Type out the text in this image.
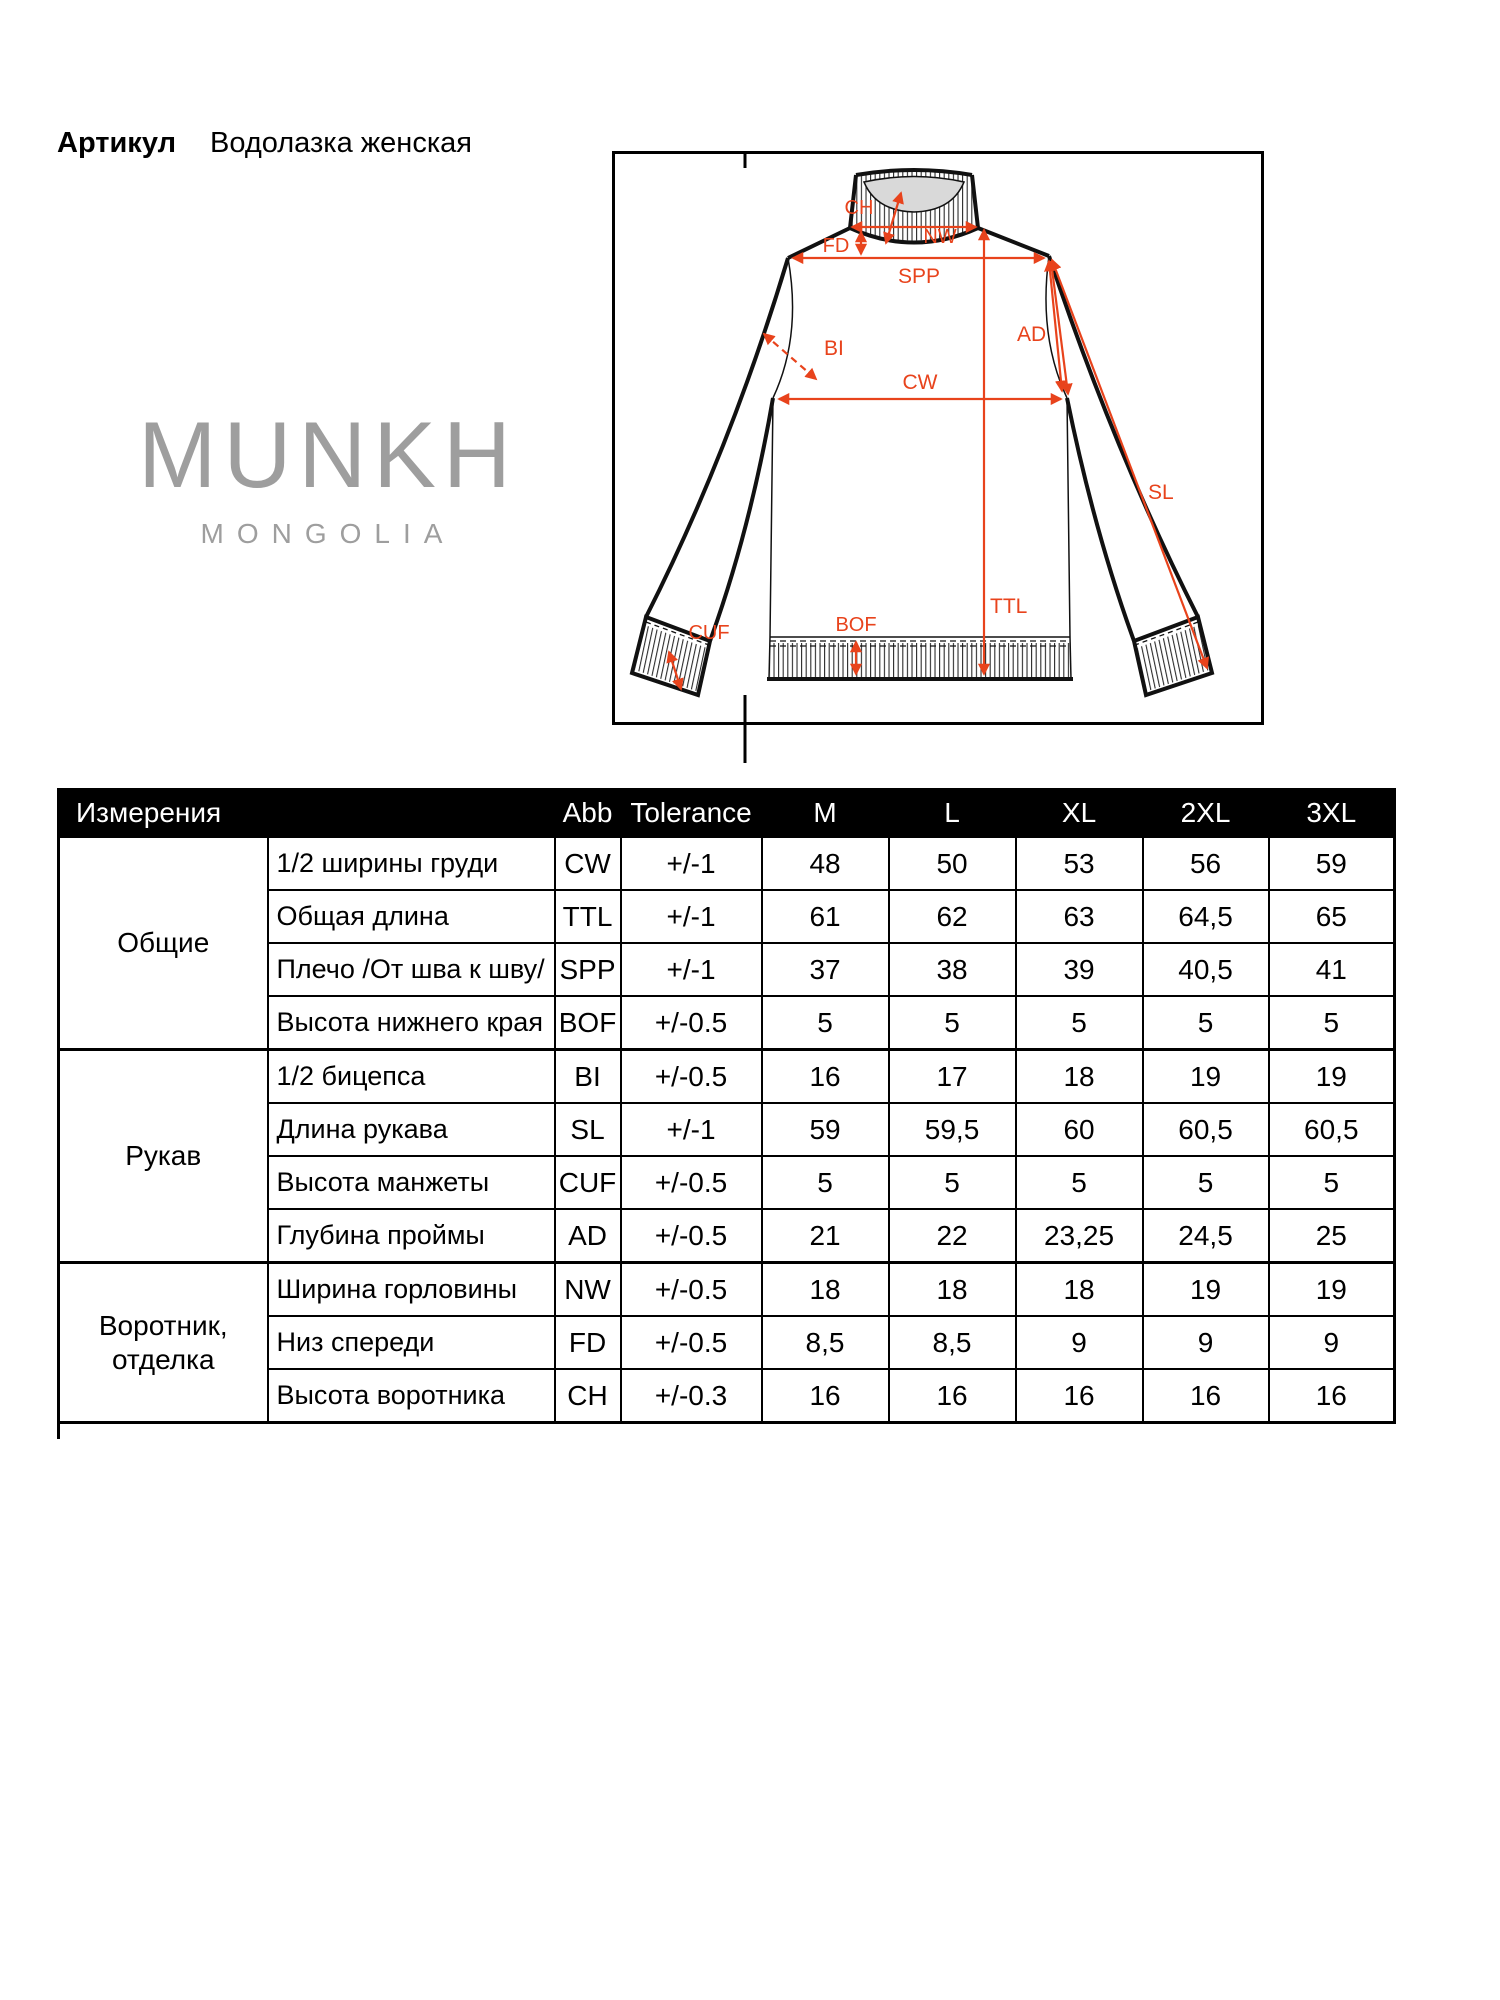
Артикул	Водолазка женская
MUNKH
MONGOLIA
CH
NW
FD
SPP
AD
BI
CW
SL
TTL
BOF
CUF
Измерения		Abb	Tolerance	M	L	XL	2XL	3XL
Общие	1/2 ширины груди	CW	+/-1	48	50	53	56	59
	Общая длина	TTL	+/-1	61	62	63	64,5	65
	Плечо /От шва к шву/	SPP	+/-1	37	38	39	40,5	41
	Высота нижнего края	BOF	+/-0.5	5	5	5	5	5
Рукав	1/2 бицепса	BI	+/-0.5	16	17	18	19	19
	Длина рукава	SL	+/-1	59	59,5	60	60,5	60,5
	Высота манжеты	CUF	+/-0.5	5	5	5	5	5
	Глубина проймы	AD	+/-0.5	21	22	23,25	24,5	25
Воротник, отделка	Ширина горловины	NW	+/-0.5	18	18	18	19	19
	Низ спереди	FD	+/-0.5	8,5	8,5	9	9	9
	Высота воротника	CH	+/-0.3	16	16	16	16	16
